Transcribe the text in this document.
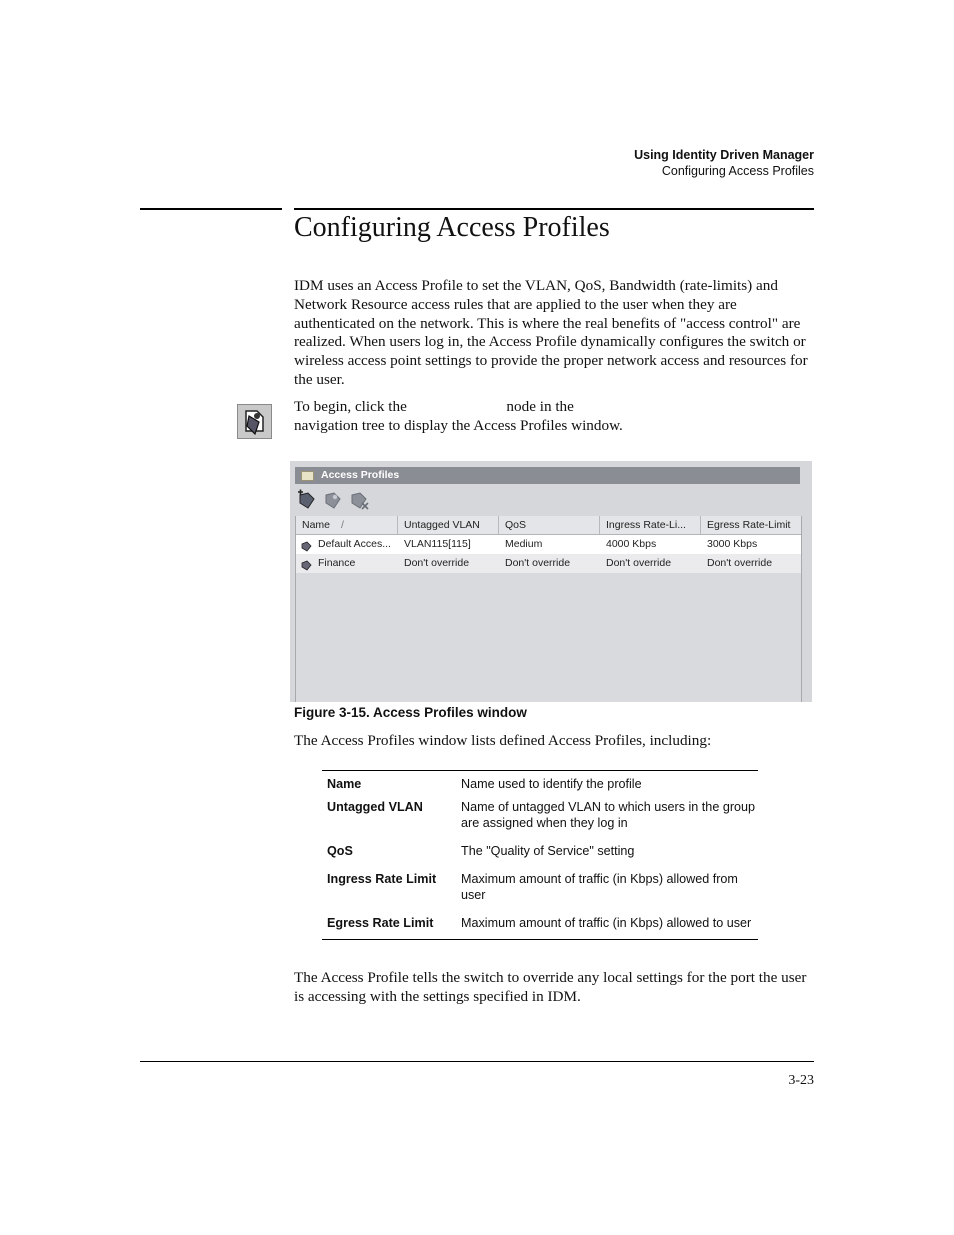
Using Identity Driven Manager
Configuring Access Profiles
Configuring Access Profiles

IDM uses an Access Profile to set the VLAN, QoS, Bandwidth (rate-limits) and Network Resource access rules that are applied to the user when they are authenticated on the network. This is where the real benefits of "access control" are realized. When users log in, the Access Profile dynamically configures the switch or wireless access point settings to provide the proper network access and resources for the user.

To begin, click the	node in the
navigation tree to display the Access Profiles window.
Access Profiles
Name /	Untagged VLAN	QoS	Ingress Rate-Li...	Egress Rate-Limit
Default Acces...	VLAN115[115]	Medium	4000 Kbps	3000 Kbps
Finance	Don't override	Don't override	Don't override	Don't override
Figure 3-15. Access Profiles window

The Access Profiles window lists defined Access Profiles, including:

Name	Name used to identify the profile
Untagged VLAN	Name of untagged VLAN to which users in the group are assigned when they log in
QoS	The "Quality of Service" setting
Ingress Rate Limit	Maximum amount of traffic (in Kbps) allowed from user
Egress Rate Limit	Maximum amount of traffic (in Kbps) allowed to user

The Access Profile tells the switch to override any local settings for the port the user is accessing with the settings specified in IDM.

3-23
